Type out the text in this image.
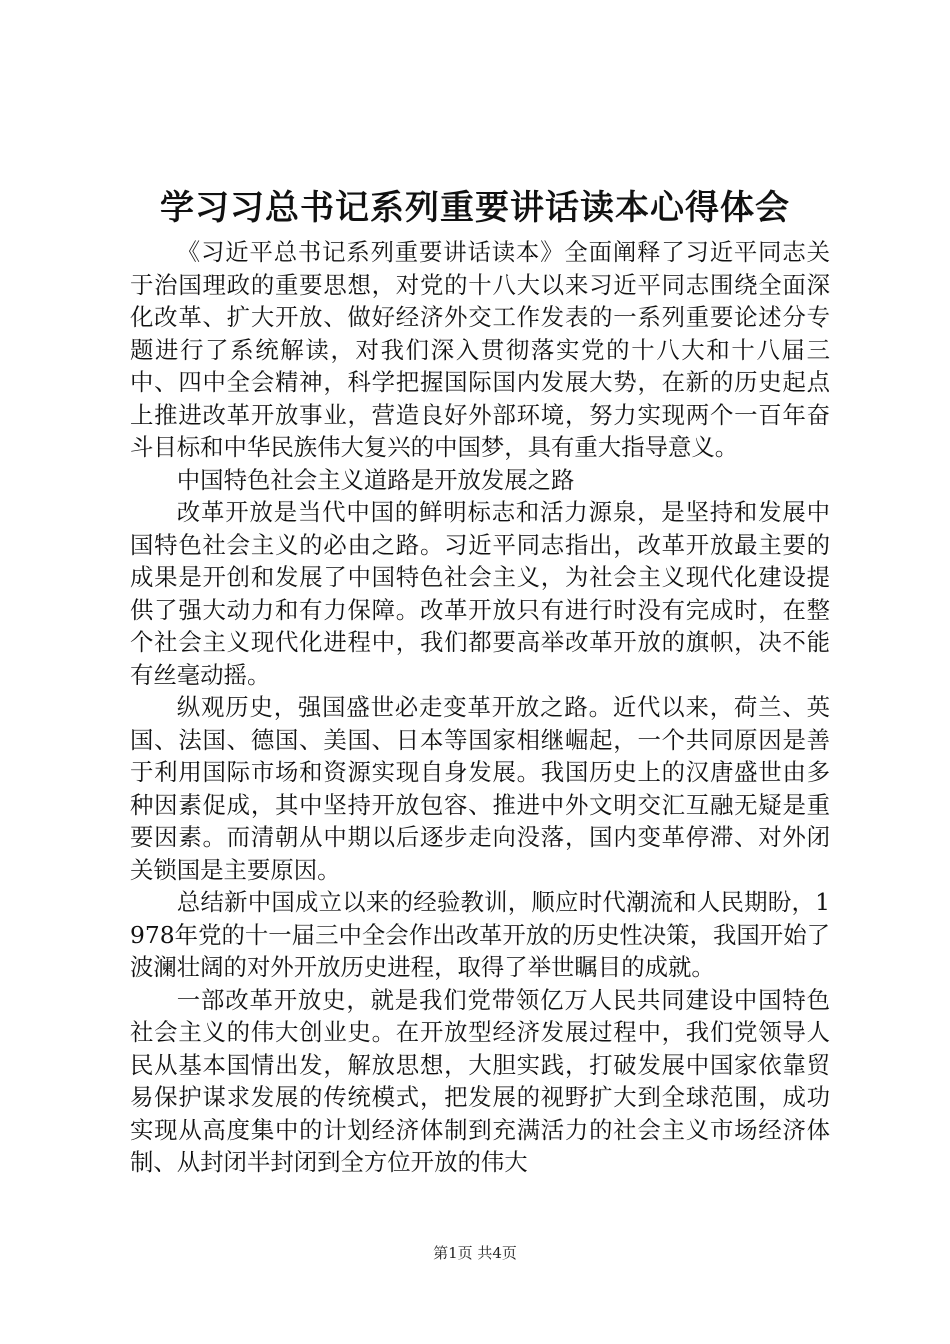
学习习总书记系列重要讲话读本心得体会

《习近平总书记系列重要讲话读本》全面阐释了习近平同志关于治国理政的重要思想，对党的十八大以来习近平同志围绕全面深化改革、扩大开放、做好经济外交工作发表的一系列重要论述分专题进行了系统解读，对我们深入贯彻落实党的十八大和十八届三中、四中全会精神，科学把握国际国内发展大势，在新的历史起点上推进改革开放事业，营造良好外部环境，努力实现两个一百年奋斗目标和中华民族伟大复兴的中国梦，具有重大指导意义。

中国特色社会主义道路是开放发展之路

改革开放是当代中国的鲜明标志和活力源泉，是坚持和发展中国特色社会主义的必由之路。习近平同志指出，改革开放最主要的成果是开创和发展了中国特色社会主义，为社会主义现代化建设提供了强大动力和有力保障。改革开放只有进行时没有完成时，在整个社会主义现代化进程中，我们都要高举改革开放的旗帜，决不能有丝毫动摇。

纵观历史，强国盛世必走变革开放之路。近代以来，荷兰、英国、法国、德国、美国、日本等国家相继崛起，一个共同原因是善于利用国际市场和资源实现自身发展。我国历史上的汉唐盛世由多种因素促成，其中坚持开放包容、推进中外文明交汇互融无疑是重要因素。而清朝从中期以后逐步走向没落，国内变革停滞、对外闭关锁国是主要原因。

总结新中国成立以来的经验教训，顺应时代潮流和人民期盼，1978年党的十一届三中全会作出改革开放的历史性决策，我国开始了波澜壮阔的对外开放历史进程，取得了举世瞩目的成就。

一部改革开放史，就是我们党带领亿万人民共同建设中国特色社会主义的伟大创业史。在开放型经济发展过程中，我们党领导人民从基本国情出发，解放思想，大胆实践，打破发展中国家依靠贸易保护谋求发展的传统模式，把发展的视野扩大到全球范围，成功实现从高度集中的计划经济体制到充满活力的社会主义市场经济体制、从封闭半封闭到全方位开放的伟大

第1页 共4页
